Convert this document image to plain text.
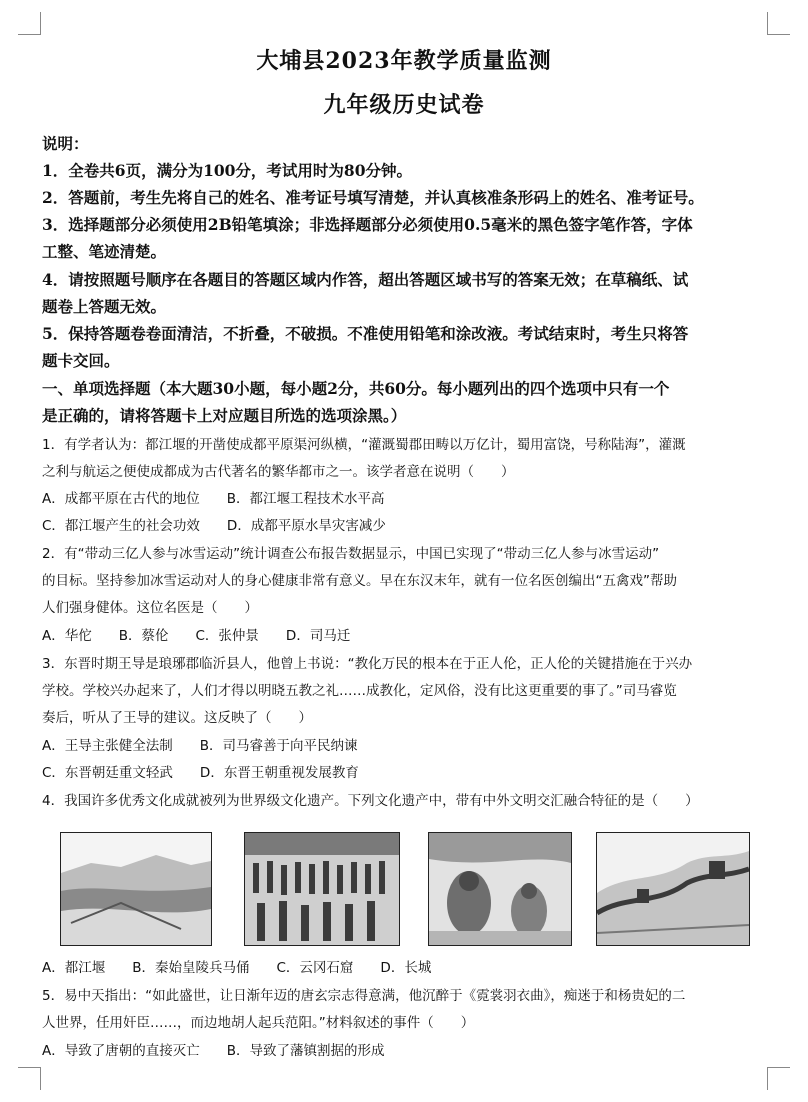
大埔县2023年教学质量监测
九年级历史试卷
说明：
1．全卷共6页，满分为100分，考试用时为80分钟。
2．答题前，考生先将自己的姓名、准考证号填写清楚，并认真核准条形码上的姓名、准考证号。
3．选择题部分必须使用2B铅笔填涂；非选择题部分必须使用0.5毫米的黑色签字笔作答，字体
工整、笔迹清楚。
4．请按照题号顺序在各题目的答题区域内作答，超出答题区域书写的答案无效；在草稿纸、试
题卷上答题无效。
5．保持答题卷卷面清洁，不折叠，不破损。不准使用铅笔和涂改液。考试结束时，考生只将答
题卡交回。
一、单项选择题（本大题30小题，每小题2分，共60分。每小题列出的四个选项中只有一个
是正确的，请将答题卡上对应题目所选的选项涂黑。）
1．有学者认为：都江堰的开凿使成都平原渠河纵横，“灌溉蜀郡田畴以万亿计，蜀用富饶，号称陆海”，灌溉
之利与航运之便使成都成为古代著名的繁华都市之一。该学者意在说明（　　）
A．成都平原在古代的地位　　B．都江堰工程技术水平高
C．都江堰产生的社会功效　　D．成都平原水旱灾害减少
2．有“带动三亿人参与冰雪运动”统计调查公布报告数据显示，中国已实现了“带动三亿人参与冰雪运动”
的目标。坚持参加冰雪运动对人的身心健康非常有意义。早在东汉末年，就有一位名医创编出“五禽戏”帮助
人们强身健体。这位名医是（　　）
A．华佗　　B．蔡伦　　C．张仲景　　D．司马迁
3．东晋时期王导是琅琊郡临沂县人，他曾上书说：“教化万民的根本在于正人伦，正人伦的关键措施在于兴办
学校。学校兴办起来了，人们才得以明晓五教之礼……成教化，定风俗，没有比这更重要的事了。”司马睿览
奏后，听从了王导的建议。这反映了（　　）
A．王导主张健全法制　　B．司马睿善于向平民纳谏
C．东晋朝廷重文轻武　　D．东晋王朝重视发展教育
4．我国许多优秀文化成就被列为世界级文化遗产。下列文化遗产中，带有中外文明交汇融合特征的是（　　）
A．都江堰　　B．秦始皇陵兵马俑　　C．云冈石窟　　D．长城
5．易中天指出：“如此盛世，让日渐年迈的唐玄宗志得意满，他沉醉于《霓裳羽衣曲》，痴迷于和杨贵妃的二
人世界，任用奸臣……，而边地胡人起兵范阳。”材料叙述的事件（　　）
A．导致了唐朝的直接灭亡　　B．导致了藩镇割据的形成
